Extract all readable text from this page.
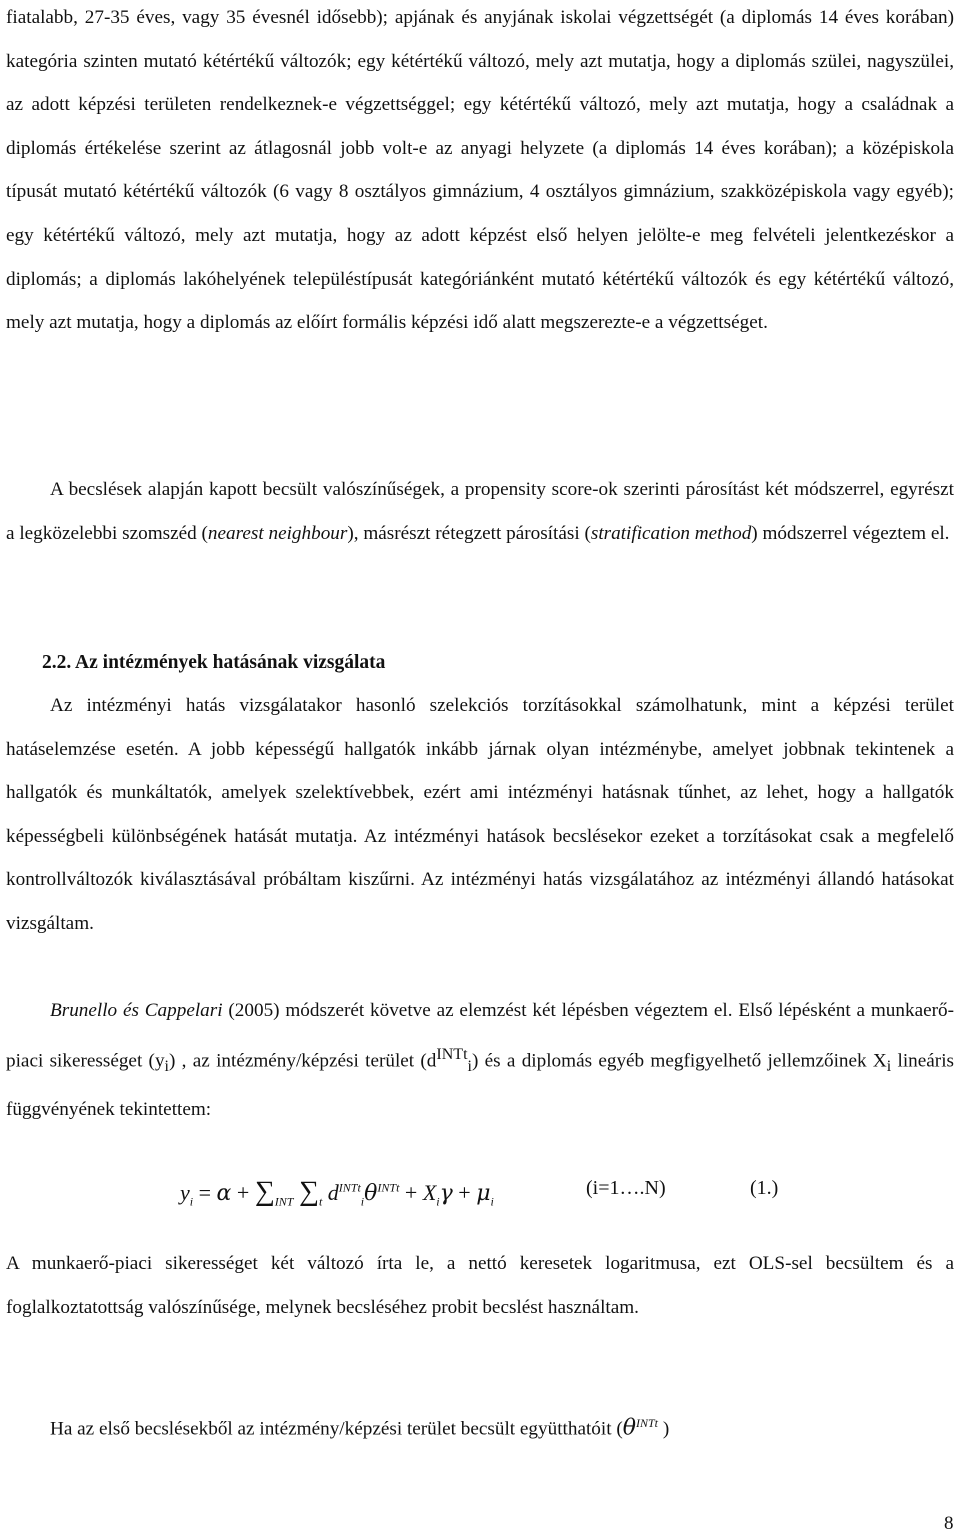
fiatalabb, 27-35 éves, vagy 35 évesnél idősebb); apjának és anyjának iskolai végzettségét (a diplomás 14 éves korában) kategória szinten mutató kétértékű változók; egy kétértékű változó, mely azt mutatja, hogy a diplomás szülei, nagyszülei, az adott képzési területen rendelkeznek-e végzettséggel; egy kétértékű változó, mely azt mutatja, hogy a családnak a diplomás értékelése szerint az átlagosnál jobb volt-e az anyagi helyzete (a diplomás 14 éves korában); a középiskola típusát mutató kétértékű változók (6 vagy 8 osztályos gimnázium, 4 osztályos gimnázium, szakközépiskola vagy egyéb); egy kétértékű változó, mely azt mutatja, hogy az adott képzést első helyen jelölte-e meg felvételi jelentkezéskor a diplomás; a diplomás lakóhelyének településtípusát kategóriánként mutató kétértékű változók és egy kétértékű változó, mely azt mutatja, hogy a diplomás az előírt formális képzési idő alatt megszerezte-e a végzettséget.

A becslések alapján kapott becsült valószínűségek, a propensity score-ok szerinti párosítást két módszerrel, egyrészt a legközelebbi szomszéd (nearest neighbour), másrészt rétegzett párosítási (stratification method) módszerrel végeztem el.

2.2. Az intézmények hatásának vizsgálata

Az intézményi hatás vizsgálatakor hasonló szelekciós torzításokkal számolhatunk, mint a képzési terület hatáselemzése esetén. A jobb képességű hallgatók inkább járnak olyan intézménybe, amelyet jobbnak tekintenek a hallgatók és munkáltatók, amelyek szelektívebbek, ezért ami intézményi hatásnak tűnhet, az lehet, hogy a hallgatók képességbeli különbségének hatását mutatja. Az intézményi hatások becslésekor ezeket a torzításokat csak a megfelelő kontrollváltozók kiválasztásával próbáltam kiszűrni. Az intézményi hatás vizsgálatához az intézményi állandó hatásokat vizsgáltam.

Brunello és Cappelari (2005) módszerét követve az elemzést két lépésben végeztem el. Első lépésként a munkaerő-piaci sikerességet $(y_i)$ , az intézmény/képzési terület $(d^{INTt}_i)$ és a diplomás egyéb megfigyelhető jellemzőinek $X_i$ lineáris függvényének tekintettem:

$y_i = \alpha + \sum_{INT}$ $\sum_t$ $d^{INTt}_i\theta^{INTt} + X_i\gamma + \mu_i$
(i=1….N)	(1.)

A munkaerő-piaci sikerességet két változó írta le, a nettó keresetek logaritmusa, ezt OLS-sel becsültem és a foglalkoztatottság valószínűsége, melynek becsléséhez probit becslést használtam.

Ha az első becslésekből az intézmény/képzési terület becsült együtthatóit ($\theta^{INTt}$ )

8
